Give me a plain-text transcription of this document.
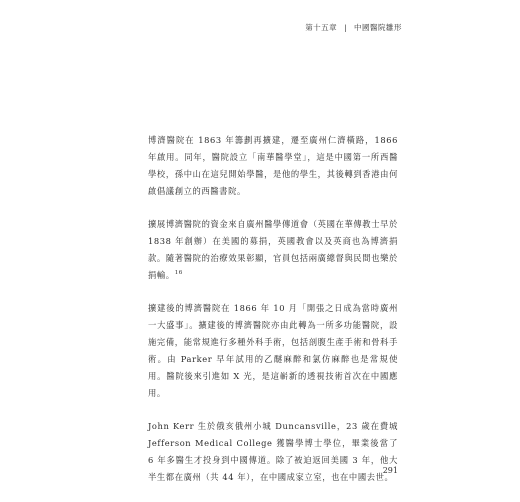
第十五章 | 中國醫院雛形

博濟醫院在 1863 年籌劃再擴建，遷至廣州仁濟橫路，1866 年啟用。同年，醫院設立「南華醫學堂」，這是中國第一所西醫學校，孫中山在這兒開始學醫，是他的學生，其後轉到香港由何啟倡議創立的西醫書院。

擴展博濟醫院的資金來自廣州醫學傳道會（英國在華傳教士早於 1838 年創辦）在美國的募捐，英國教會以及英商也為博濟捐款。隨著醫院的治療效果彰顯，官員包括兩廣總督與民間也樂於捐輸。$^{16}$

擴建後的博濟醫院在 1866 年 10 月「開張之日成為當時廣州一大盛事」。擴建後的博濟醫院亦由此轉為一所多功能醫院，設施完備，能常規進行多種外科手術，包括剖腹生產手術和骨科手術。由 Parker 早年試用的乙醚麻醉和氯仿麻醉也是常規使用。醫院後來引進如 X 光，是這嶄新的透視技術首次在中國應用。

John Kerr 生於俄亥俄州小城 Duncansville，23 歲在費城 Jefferson Medical College 獲醫學博士學位，畢業後當了 6 年多醫生才投身到中國傳道。除了被迫返回美國 3 年，他大半生都在廣州（共 44 年），在中國成家立室，也在中國去世。

291
